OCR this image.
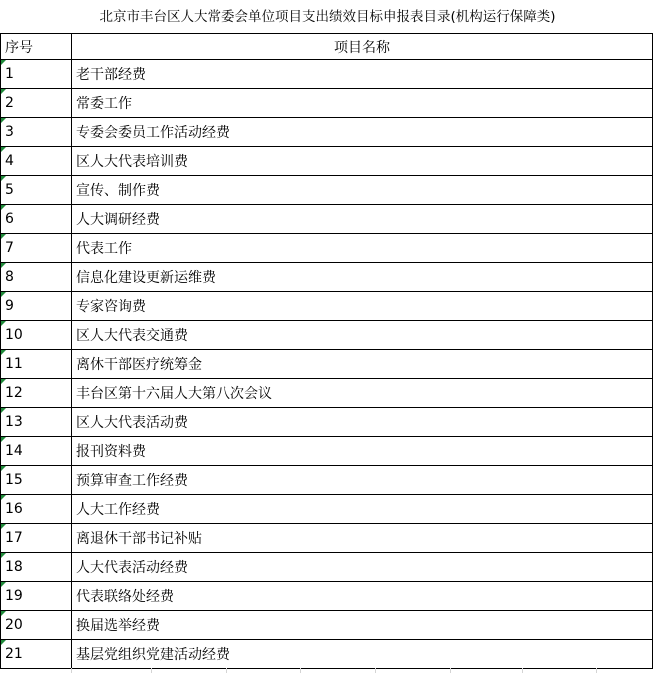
北京市丰台区人大常委会单位项目支出绩效目标申报表目录(机构运行保障类)
序号	项目名称
1	老干部经费
2	常委工作
3	专委会委员工作活动经费
4	区人大代表培训费
5	宣传、制作费
6	人大调研经费
7	代表工作
8	信息化建设更新运维费
9	专家咨询费
10	区人大代表交通费
11	离休干部医疗统筹金
12	丰台区第十六届人大第八次会议
13	区人大代表活动费
14	报刊资料费
15	预算审查工作经费
16	人大工作经费
17	离退休干部书记补贴
18	人大代表活动经费
19	代表联络处经费
20	换届选举经费
21	基层党组织党建活动经费
